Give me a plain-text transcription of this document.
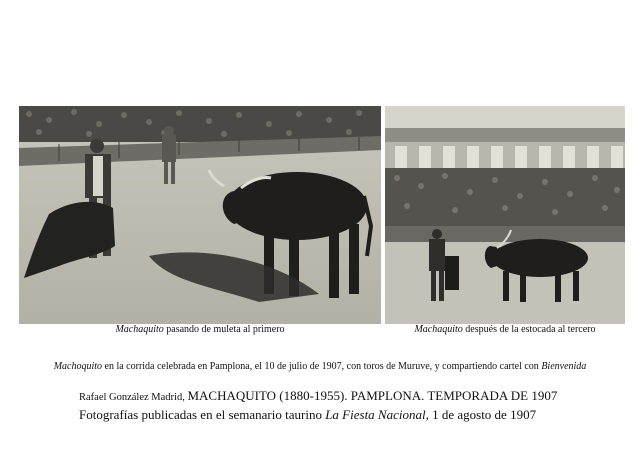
Machaquito pasando de muleta al primero	Machaquito después de la estocada al tercero
Machoquito en la corrida celebrada en Pamplona, el 10 de julio de 1907, con toros de Muruve, y compartiendo cartel con Bienvenida
Rafael González Madrid, MACHAQUITO (1880-1955). PAMPLONA. TEMPORADA DE 1907
Fotografías publicadas en el semanario taurino La Fiesta Nacional, 1 de agosto de 1907
